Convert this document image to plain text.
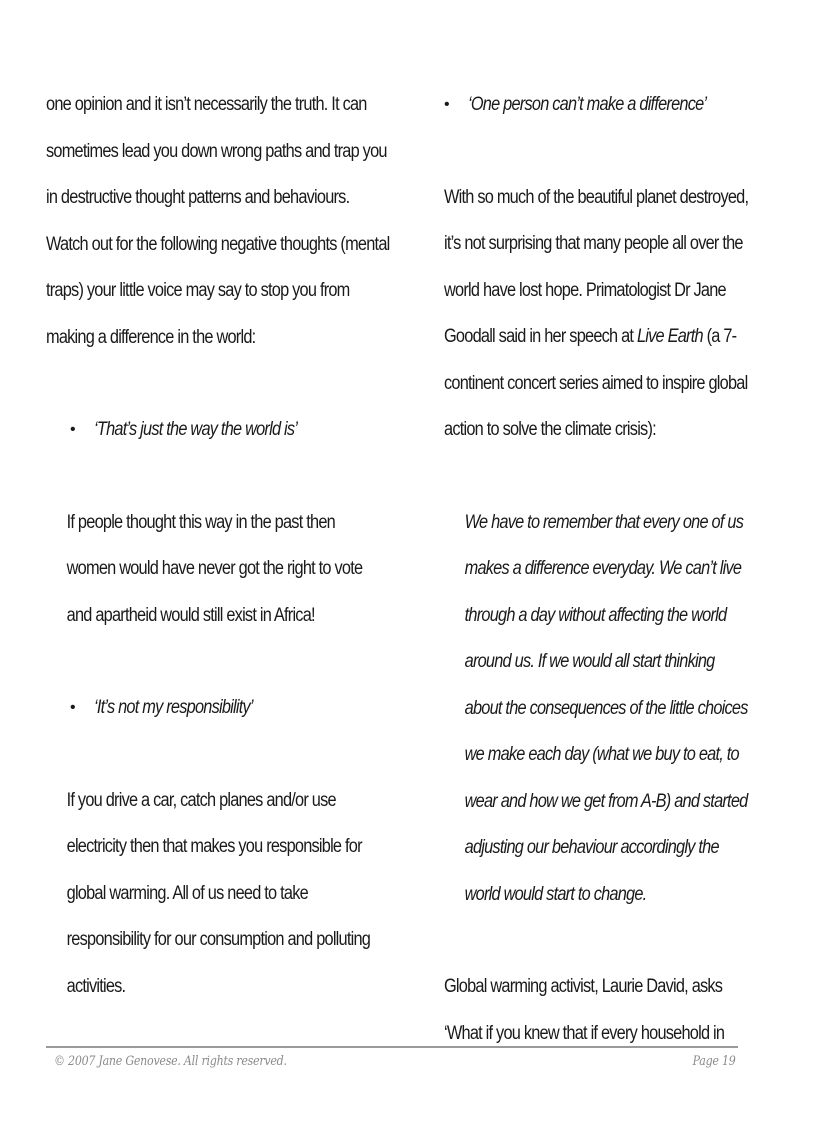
one opinion and it isn’t necessarily the truth. It can
sometimes lead you down wrong paths and trap you
in destructive thought patterns and behaviours.
Watch out for the following negative thoughts (mental
traps) your little voice may say to stop you from
making a difference in the world:

• ‘That’s just the way the world is’

If people thought this way in the past then
women would have never got the right to vote
and apartheid would still exist in Africa!

• ‘It’s not my responsibility’

If you drive a car, catch planes and/or use
electricity then that makes you responsible for
global warming. All of us need to take
responsibility for our consumption and polluting
activities.

• ‘One person can’t make a difference’

With so much of the beautiful planet destroyed,
it’s not surprising that many people all over the
world have lost hope. Primatologist Dr Jane
Goodall said in her speech at Live Earth (a 7-
continent concert series aimed to inspire global
action to solve the climate crisis):

We have to remember that every one of us
makes a difference everyday. We can’t live
through a day without affecting the world
around us. If we would all start thinking
about the consequences of the little choices
we make each day (what we buy to eat, to
wear and how we get from A-B) and started
adjusting our behaviour accordingly the
world would start to change.

Global warming activist, Laurie David, asks
‘What if you knew that if every household in

© 2007 Jane Genovese. All rights reserved.	Page 19
